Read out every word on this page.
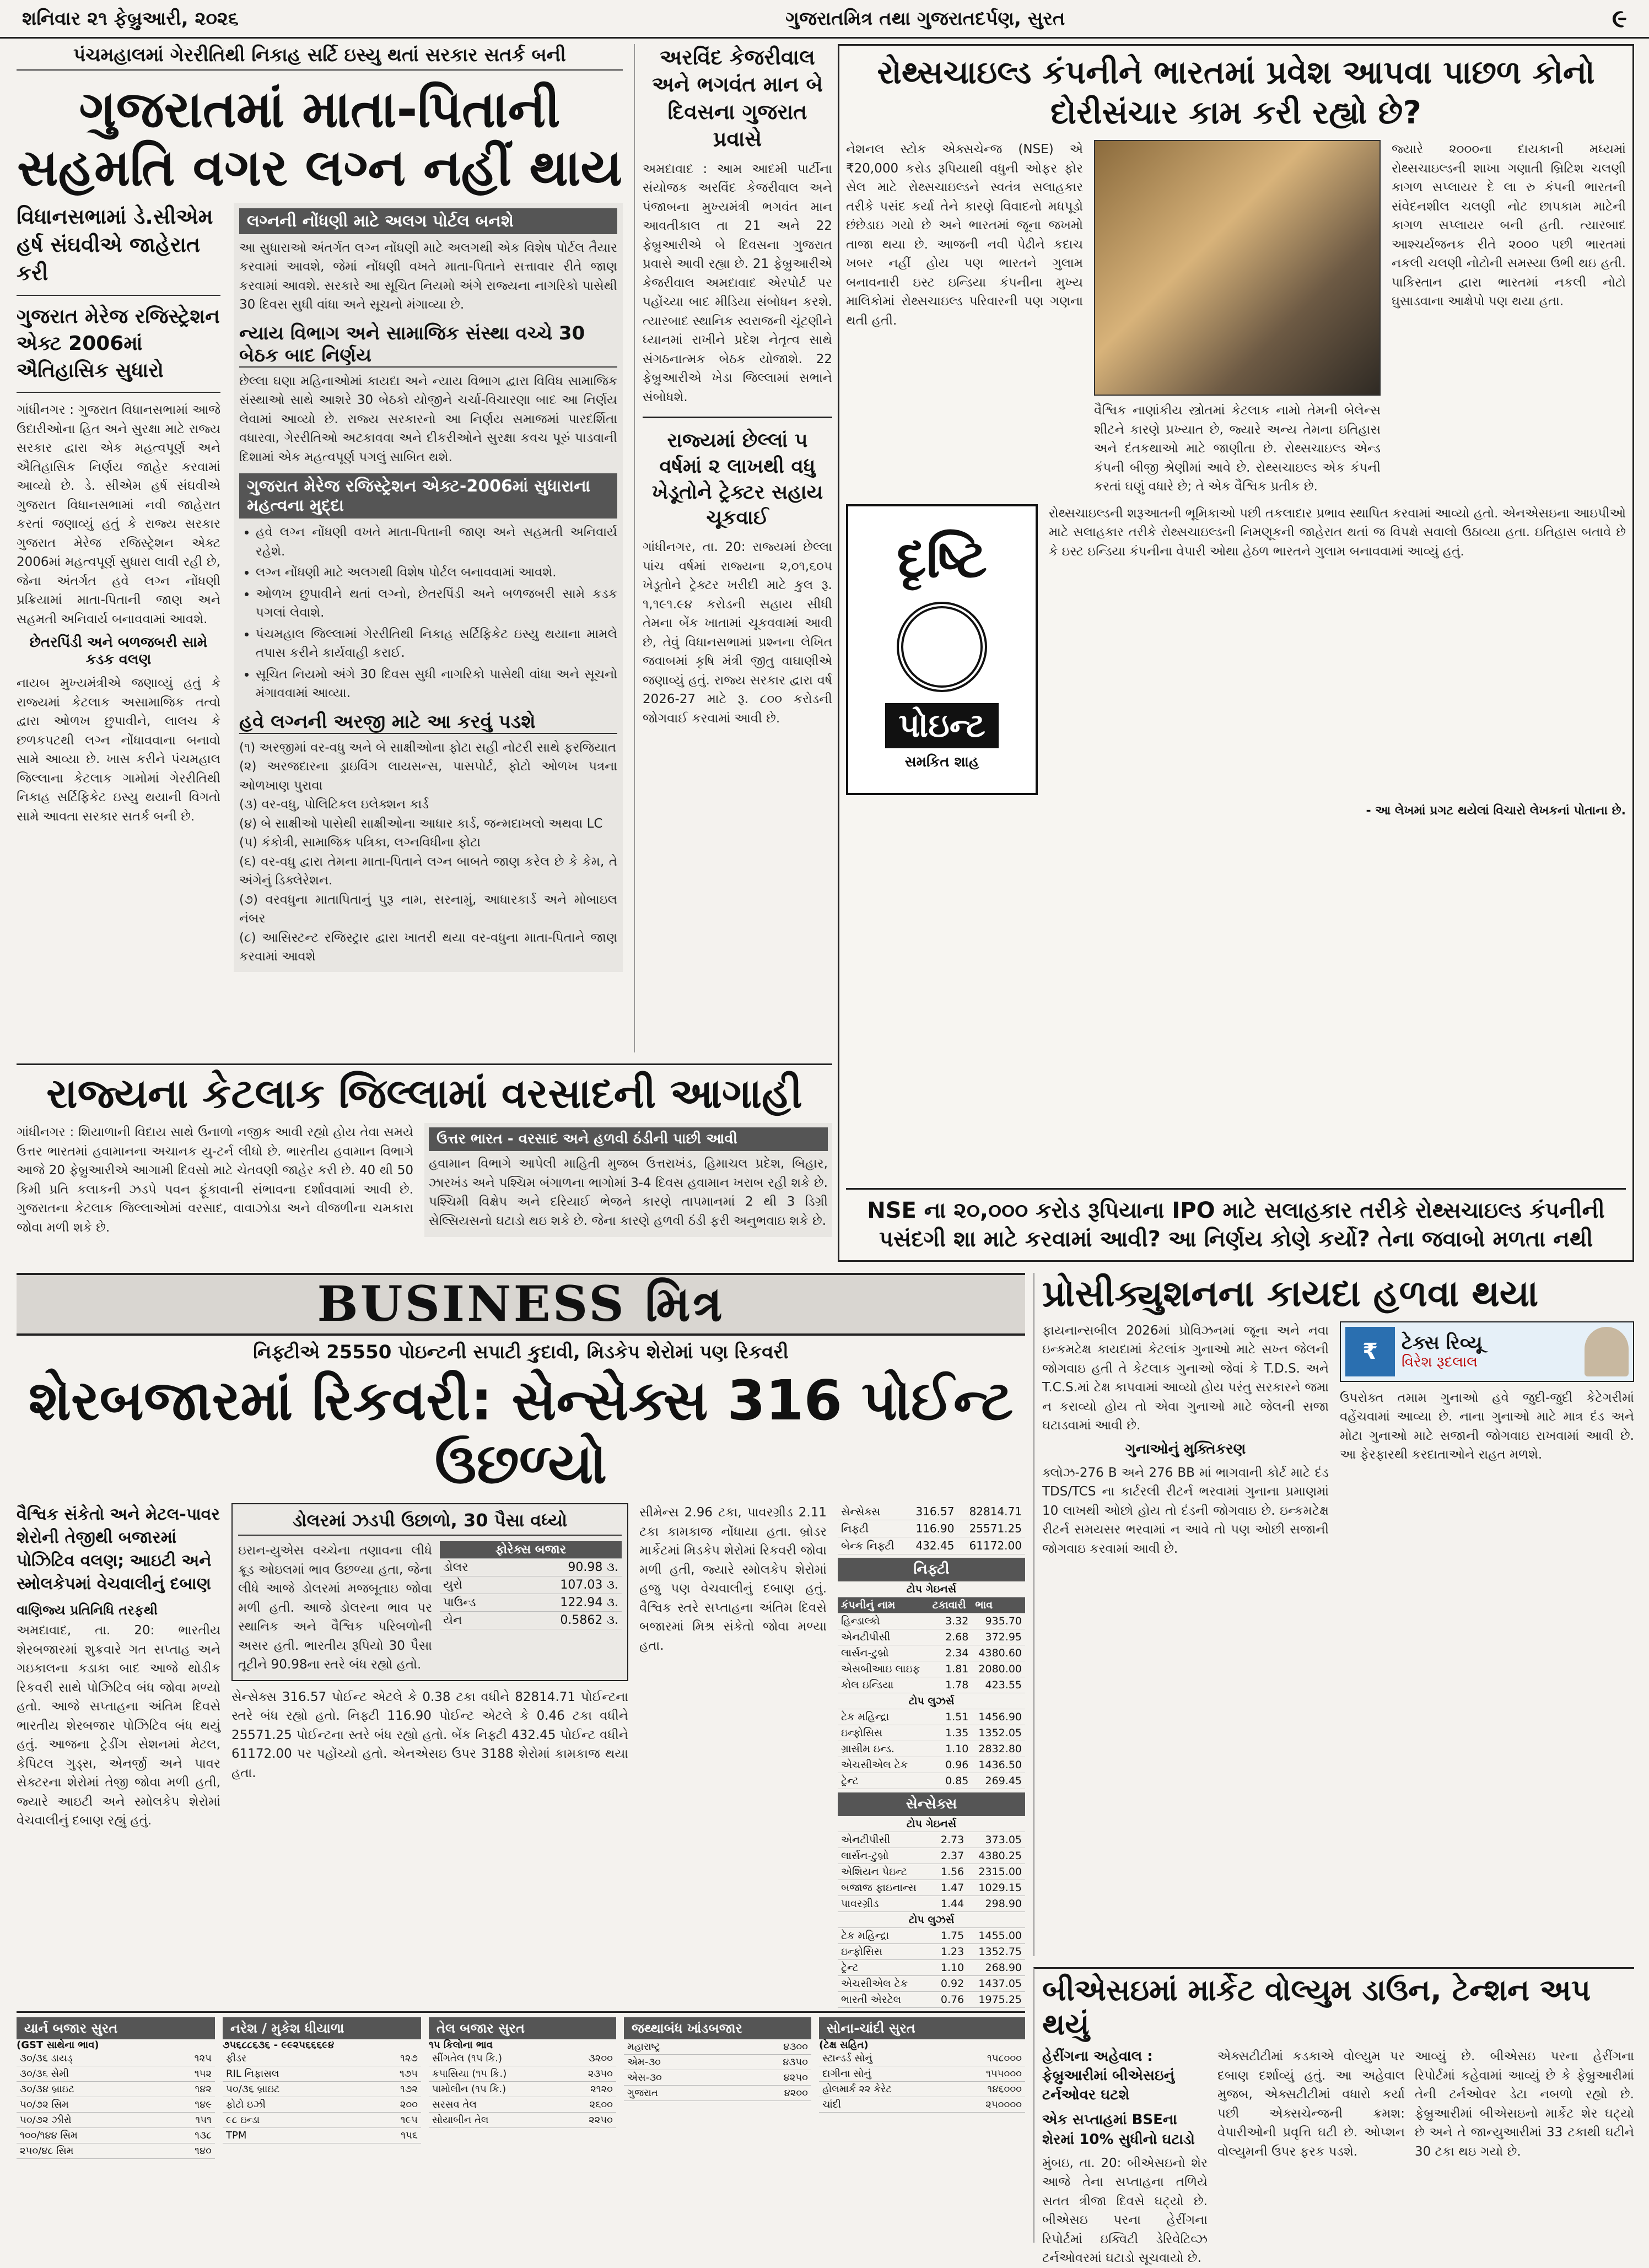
શનિવાર ૨૧ ફેબ્રુઆરી, ૨૦૨૬	ગુજરાતમિત્ર તથા ગુજરાતદર્પણ, સુરત	૯
પંચમહાલમાં ગેરરીતિથી નિકાહ સર્ટિ ઇસ્યુ થતાં સરકાર સતર્ક બની
ગુજરાતમાં માતા-પિતાની સહમતિ વગર લગ્ન નહીં થાય
વિધાનસભામાં ડે.સીએમ હર્ષ સંઘવીએ જાહેરાત કરી
ગુજરાત મેરેજ રજિસ્ટ્રેશન એક્ટ 2006માં ઐતિહાસિક સુધારો
ગાંધીનગર : ગુજરાત વિધાનસભામાં આજે ઉદારીઓના હિત અને સુરક્ષા માટે રાજ્ય સરકાર દ્વારા એક મહત્વપૂર્ણ અને ઐતિહાસિક નિર્ણય જાહેર કરવામાં આવ્યો છે. ડે. સીએમ હર્ષ સંઘવીએ ગુજરાત વિધાનસભામાં નવી જાહેરાત કરતાં જણાવ્યું હતું કે રાજ્ય સરકાર ગુજરાત મેરેજ રજિસ્ટ્રેશન એક્ટ 2006માં મહત્વપૂર્ણ સુધારા લાવી રહી છે, જેના અંતર્ગત હવે લગ્ન નોંધણી પ્રક્રિયામાં માતા-પિતાની જાણ અને સહમતી અનિવાર્ય બનાવવામાં આવશે.
છેતરપિંડી અને બળજબરી સામે કડક વલણ
નાયબ મુખ્યમંત્રીએ જણાવ્યું હતું કે રાજ્યમાં કેટલાક અસામાજિક તત્વો દ્વારા ઓળખ છુપાવીને, લાલચ કે છળકપટથી લગ્ન નોંધાવવાના બનાવો સામે આવ્યા છે. ખાસ કરીને પંચમહાલ જિલ્લાના કેટલાક ગામોમાં ગેરરીતિથી નિકાહ સર્ટિફિકેટ ઇસ્યુ થયાની વિગતો સામે આવતા સરકાર સતર્ક બની છે.
લગ્નની નોંધણી માટે અલગ પોર્ટલ બનશે
આ સુધારાઓ અંતર્ગત લગ્ન નોંધણી માટે અલગથી એક વિશેષ પોર્ટલ તૈયાર કરવામાં આવશે, જેમાં નોંધણી વખતે માતા-પિતાને સત્તાવાર રીતે જાણ કરવામાં આવશે. સરકારે આ સૂચિત નિયમો અંગે રાજ્યના નાગરિકો પાસેથી 30 દિવસ સુધી વાંધા અને સૂચનો મંગાવ્યા છે.
ન્યાય વિભાગ અને સામાજિક સંસ્થા વચ્ચે 30 બેઠક બાદ નિર્ણય
છેલ્લા ઘણા મહિનાઓમાં કાયદા અને ન્યાય વિભાગ દ્વારા વિવિધ સામાજિક સંસ્થાઓ સાથે આશરે 30 બેઠકો યોજીને ચર્ચા-વિચારણા બાદ આ નિર્ણય લેવામાં આવ્યો છે. રાજ્ય સરકારનો આ નિર્ણય સમાજમાં પારદર્શિતા વધારવા, ગેરરીતિઓ અટકાવવા અને દીકરીઓને સુરક્ષા કવચ પૂરું પાડવાની દિશામાં એક મહત્વપૂર્ણ પગલું સાબિત થશે.
ગુજરાત મેરેજ રજિસ્ટ્રેશન એક્ટ-2006માં સુધારાના મહત્વના મુદ્દા
• હવે લગ્ન નોંધણી વખતે માતા-પિતાની જાણ અને સહમતી અનિવાર્ય રહેશે.
• લગ્ન નોંધણી માટે અલગથી વિશેષ પોર્ટલ બનાવવામાં આવશે.
• ઓળખ છુપાવીને થતાં લગ્નો, છેતરપિંડી અને બળજબરી સામે કડક પગલાં લેવાશે.
• પંચમહાલ જિલ્લામાં ગેરરીતિથી નિકાહ સર્ટિફિકેટ ઇસ્યુ થયાના મામલે તપાસ કરીને કાર્યવાહી કરાઈ.
• સૂચિત નિયમો અંગે 30 દિવસ સુધી નાગરિકો પાસેથી વાંધા અને સૂચનો મંગાવવામાં આવ્યા.
હવે લગ્નની અરજી માટે આ કરવું પડશે
(૧) અરજીમાં વર-વધુ અને બે સાક્ષીઓના ફોટા સહી નોટરી સાથે ફરજિયાત
(૨) અરજદારના ડ્રાઇવિંગ લાયસન્સ, પાસપોર્ટ, ફોટો ઓળખ પત્રના ઓળખાણ પુરાવા
(૩) વર-વધુ, પોલિટિકલ ઇલેક્શન કાર્ડ
(૪) બે સાક્ષીઓ પાસેથી સાક્ષીઓના આધાર કાર્ડ, જન્મદાખલો અથવા LC
(૫) કંકોત્રી, સામાજિક પત્રિકા, લગ્નવિધીના ફોટા
(૬) વર-વધુ દ્વારા તેમના માતા-પિતાને લગ્ન બાબતે જાણ કરેલ છે કે કેમ, તે અંગેનું ડિક્લેરેશન.
(૭) વરવધુના માતાપિતાનું પુરૂ નામ, સરનામું, આધારકાર્ડ અને મોબાઇલ નંબર
(૮) આસિસ્ટન્ટ રજિસ્ટ્રાર દ્વારા ખાતરી થયા વર-વધુના માતા-પિતાને જાણ કરવામાં આવશે
અરવિંદ કેજરીવાલ અને ભગવંત માન બે દિવસના ગુજરાત પ્રવાસે
અમદાવાદ : આમ આદમી પાર્ટીના સંયોજક અરવિંદ કેજરીવાલ અને પંજાબના મુખ્યમંત્રી ભગવંત માન આવતીકાલ તા 21 અને 22 ફેબ્રુઆરીએ બે દિવસના ગુજરાત પ્રવાસે આવી રહ્યા છે. 21 ફેબ્રુઆરીએ કેજરીવાલ અમદાવાદ એરપોર્ટ પર પહોંચ્યા બાદ મીડિયા સંબોધન કરશે. ત્યારબાદ સ્થાનિક સ્વરાજની ચૂંટણીને ધ્યાનમાં રાખીને પ્રદેશ નેતૃત્વ સાથે સંગઠનાત્મક બેઠક યોજાશે. 22 ફેબ્રુઆરીએ ખેડા જિલ્લામાં સભાને સંબોધશે.
રાજ્યમાં છેલ્લાં ૫ વર્ષમાં ૨ લાખથી વધુ ખેડૂતોને ટ્રેક્ટર સહાય ચૂકવાઈ
ગાંધીનગર, તા. 20: રાજ્યમાં છેલ્લા પાંચ વર્ષમાં રાજ્યના ૨,૦૧,૬૦૫ ખેડૂતોને ટ્રેક્ટર ખરીદી માટે કુલ રૂ. ૧,૧૯૧.૯૪ કરોડની સહાય સીધી તેમના બેંક ખાતામાં ચૂકવવામાં આવી છે, તેવું વિધાનસભામાં પ્રશ્નના લેખિત જવાબમાં કૃષિ મંત્રી જીતુ વાઘાણીએ જણાવ્યું હતું. રાજ્ય સરકાર દ્વારા વર્ષ 2026-27 માટે રૂ. ૮૦૦ કરોડની જોગવાઈ કરવામાં આવી છે.
રોથ્સચાઇલ્ડ કંપનીને ભારતમાં પ્રવેશ આપવા પાછળ કોનો દોરીસંચાર કામ કરી રહ્યો છે?
નેશનલ સ્ટોક એક્સચેન્જ (NSE) એ ₹20,000 કરોડ રૂપિયાથી વધુની ઓફર ફોર સેલ માટે રોથ્સચાઇલ્ડને સ્વતંત્ર સલાહકાર તરીકે પસંદ કર્યા તેને કારણે વિવાદનો મધપૂડો છંછેડાઇ ગયો છે અને ભારતમાં જૂના જખમો તાજા થયા છે. આજની નવી પેઢીને કદાચ ખબર નહીં હોય પણ ભારતને ગુલામ બનાવનારી ઇસ્ટ ઇન્ડિયા કંપનીના મુખ્ય માલિકોમાં રોથ્સચાઇલ્ડ પરિવારની પણ ગણના થતી હતી.
વૈશ્વિક નાણાંકીય સ્ત્રોતમાં કેટલાક નામો તેમની બેલેન્સ શીટને કારણે પ્રખ્યાત છે, જ્યારે અન્ય તેમના ઇતિહાસ અને દંતકથાઓ માટે જાણીતા છે. રોથ્સચાઇલ્ડ એન્ડ કંપની બીજી શ્રેણીમાં આવે છે. રોથ્સચાઇલ્ડ એક કંપની કરતાં ઘણું વધારે છે; તે એક વૈશ્વિક પ્રતીક છે.
જ્યારે ૨૦૦૦ના દાયકાની મધ્યમાં રોથ્સચાઇલ્ડની શાખા ગણાતી બ્રિટિશ ચલણી કાગળ સપ્લાયર દે લા રુ કંપની ભારતની સંવેદનશીલ ચલણી નોટ છાપકામ માટેની કાગળ સપ્લાયર બની હતી. ત્યારબાદ આશ્ચર્યજનક રીતે ૨૦૦૦ પછી ભારતમાં નકલી ચલણી નોટોની સમસ્યા ઉભી થઇ હતી. પાકિસ્તાન દ્વારા ભારતમાં નકલી નોટો ઘુસાડવાના આક્ષેપો પણ થયા હતા.
દૃષ્ટિ
પોઇન્ટ
સમકિત શાહ
રોથ્સચાઇલ્ડની શરૂઆતની ભૂમિકાઓ પછી તકલાદાર પ્રભાવ સ્થાપિત કરવામાં આવ્યો હતો. એનએસઇના આઇપીઓ માટે સલાહકાર તરીકે રોથ્સચાઇલ્ડની નિમણૂકની જાહેરાત થતાં જ વિપક્ષે સવાલો ઉઠાવ્યા હતા. ઇતિહાસ બતાવે છે કે ઇસ્ટ ઇન્ડિયા કંપનીના વેપારી ઓથા હેઠળ ભારતને ગુલામ બનાવવામાં આવ્યું હતું.
- આ લેખમાં પ્રગટ થયેલાં વિચારો લેખકનાં પોતાના છે.
NSE ના ૨૦,૦૦૦ કરોડ રૂપિયાના IPO માટે સલાહકાર તરીકે રોથ્સચાઇલ્ડ કંપનીની પસંદગી શા માટે કરવામાં આવી? આ નિર્ણય કોણે કર્યો? તેના જવાબો મળતા નથી
રાજ્યના કેટલાક જિલ્લામાં વરસાદની આગાહી
ગાંધીનગર : શિયાળાની વિદાય સાથે ઉનાળો નજીક આવી રહ્યો હોય તેવા સમયે ઉત્તર ભારતમાં હવામાનના અચાનક યુ-ટર્ન લીધો છે. ભારતીય હવામાન વિભાગે આજે 20 ફેબ્રુઆરીએ આગામી દિવસો માટે ચેતવણી જાહેર કરી છે. 40 થી 50 કિમી પ્રતિ કલાકની ઝડપે પવન ફૂંકાવાની સંભાવના દર્શાવવામાં આવી છે. ગુજરાતના કેટલાક જિલ્લાઓમાં વરસાદ, વાવાઝોડા અને વીજળીના ચમકારા જોવા મળી શકે છે.
ઉત્તર ભારત - વરસાદ અને હળવી ઠંડીની પાછી આવી
હવામાન વિભાગે આપેલી માહિતી મુજબ ઉત્તરાખંડ, હિમાચલ પ્રદેશ, બિહાર, ઝારખંડ અને પશ્ચિમ બંગાળના ભાગોમાં 3-4 દિવસ હવામાન ખરાબ રહી શકે છે. પશ્ચિમી વિક્ષેપ અને દરિયાઈ ભેજને કારણે તાપમાનમાં 2 થી 3 ડિગ્રી સેલ્સિયસનો ઘટાડો થઇ શકે છે. જેના કારણે હળવી ઠંડી ફરી અનુભવાઇ શકે છે.
BUSINESS મિત્ર
નિફ્ટીએ 25550 પોઇન્ટની સપાટી કુદાવી, મિડકેપ શેરોમાં પણ રિકવરી
શેરબજારમાં રિકવરી: સેન્સેક્સ 316 પોઈન્ટ ઉછળ્યો
વૈશ્વિક સંકેતો અને મેટલ-પાવર શેરોની તેજીથી બજારમાં પોઝિટિવ વલણ; આઇટી અને સ્મોલકેપમાં વેચવાલીનું દબાણ
વાણિજ્ય પ્રતિનિધિ તરફથી
અમદાવાદ, તા. 20: ભારતીય શેરબજારમાં શુક્રવારે ગત સપ્તાહ અને ગઇકાલના કડાકા બાદ આજે થોડીક રિકવરી સાથે પોઝિટિવ બંધ જોવા મળ્યો હતો. આજે સપ્તાહના અંતિમ દિવસે ભારતીય શેરબજાર પોઝિટિવ બંધ થયું હતું. આજના ટ્રેડીંગ સેશનમાં મેટલ, કેપિટલ ગુડ્સ, એનર્જી અને પાવર સેક્ટરના શેરોમાં તેજી જોવા મળી હતી, જ્યારે આઇટી અને સ્મોલકેપ શેરોમાં વેચવાલીનું દબાણ રહ્યું હતું.
ડોલરમાં ઝડપી ઉછાળો, 30 પૈસા વધ્યો
ઇરાન-યુએસ વચ્ચેના તણાવના લીધે ક્રૂડ ઓઇલમાં ભાવ ઉછળ્યા હતા, જેના લીધે આજે ડોલરમાં મજબૂતાઇ જોવા મળી હતી. આજે ડોલરના ભાવ પર સ્થાનિક અને વૈશ્વિક પરિબળોની અસર હતી. ભારતીય રૂપિયો 30 પૈસા તૂટીને 90.98ના સ્તરે બંધ રહ્યો હતો.
ફોરેક્સ બજાર	
ડોલર	90.98 ૩.
યુરો	107.03 ૩.
પાઉન્ડ	122.94 ૩.
યેન	0.5862 ૩.
સેન્સેક્સ 316.57 પોઈન્ટ એટલે કે 0.38 ટકા વધીને 82814.71 પોઈન્ટના સ્તરે બંધ રહ્યો હતો. નિફ્ટી 116.90 પોઈન્ટ એટલે કે 0.46 ટકા વધીને 25571.25 પોઈન્ટના સ્તરે બંધ રહ્યો હતો. બેંક નિફ્ટી 432.45 પોઈન્ટ વધીને 61172.00 પર પહોંચ્યો હતો. એનએસઇ ઉપર 3188 શેરોમાં કામકાજ થયા હતા.
સીમેન્સ 2.96 ટકા, પાવરગ્રીડ 2.11 ટકા કામકાજ નોંધાયા હતા. બ્રોડર માર્કેટમાં મિડકેપ શેરોમાં રિકવરી જોવા મળી હતી, જ્યારે સ્મોલકેપ શેરોમાં હજુ પણ વેચવાલીનું દબાણ હતું. વૈશ્વિક સ્તરે સપ્તાહના અંતિમ દિવસે બજારમાં મિશ્ર સંકેતો જોવા મળ્યા હતા.
સેન્સેક્સ	316.57	82814.71
નિફ્ટી	116.90	25571.25
બેન્ક નિફ્ટી	432.45	61172.00
નિફ્ટી
ટોપ ગેઇનર્સ		
કંપનીનું નામ	ટકાવારી	ભાવ
હિન્ડાલ્કો	3.32	935.70
એનટીપીસી	2.68	372.95
લાર્સન-ટુબ્રો	2.34	4380.60
એસબીઆઇ લાઇફ	1.81	2080.00
કોલ ઇન્ડિયા	1.78	423.55
ટોપ લુઝર્સ		
ટેક મહિન્દ્રા	1.51	1456.90
ઇન્ફોસિસ	1.35	1352.05
ગ્રાસીમ ઇન્ડ.	1.10	2832.80
એચસીએલ ટેક	0.96	1436.50
ટ્રેન્ટ	0.85	269.45
સેન્સેક્સ
ટોપ ગેઇનર્સ		
એનટીપીસી	2.73	373.05
લાર્સન-ટુબ્રો	2.37	4380.25
એશિયન પેઇન્ટ	1.56	2315.00
બજાજ ફાઇનાન્સ	1.47	1029.15
પાવરગ્રીડ	1.44	298.90
ટોપ લુઝર્સ		
ટેક મહિન્દ્રા	1.75	1455.00
ઇન્ફોસિસ	1.23	1352.75
ટ્રેન્ટ	1.10	268.90
એચસીએલ ટેક	0.92	1437.05
ભારતી એરટેલ	0.76	1975.25
યાર્ન બજાર સુરત
(GST સાથેના ભાવ)
૩૦/૩૬ ડાયડ્	૧૨૫
૩૦/૩૬ સેમી	૧૫૨
૩૦/૩૪ બ્રાઇટ	૧૪૨
૫૦/૭૨ સિમ	૧૪૯
૫૦/૭૨ ઝીરો	૧૫૧
૧૦૦/૧૪૪ સિમ	૧૩૮
૨૫૦/૪૮ સિમ	૧૪૦
નરેશ / મુકેશ ધીયાળા
૭૫૬૮૮૬૩૬ - ૯૯૨૫૬૬૬૯૪
ફીડર	૧૨૭
RIL નિફાસલ	૧૭૫
૫૦/૩૬ બ્રાઇટ	૧૭૨
ફોટો ઇઝી	૨૦૦
૯૮ ઇન્ડા	૧૯૫
TPM	૧૫૬
તેલ બજાર સુરત
૧૫ કિલોના ભાવ
સીંગતેલ (૧૫ કિ.)	૩૨૦૦
કપાસિયા (૧૫ કિ.)	૨૩૫૦
પામોલીન (૧૫ કિ.)	૨૧૨૦
સરસવ તેલ	૨૬૦૦
સોયાબીન તેલ	૨૨૫૦
જથ્થાબંધ ખાંડબજાર
મહારાષ્ટ્ર	૪૩૦૦
એમ-૩૦	૪૩૫૦
એસ-૩૦	૪૨૫૦
ગુજરાત	૪૨૦૦
સોના-ચાંદી સુરત
(ટેક્ષ સહિત)
સ્ટાન્ડર્ડ સોનું	૧૫૮૦૦૦
દાગીના સોનું	૧૫૫૦૦૦
હોલમાર્ક ૨૨ કેરેટ	૧૪૬૦૦૦
ચાંદી	૨૫૦૦૦૦
પ્રોસીક્યુશનના કાયદા હળવા થયા
ફાયનાન્સબીલ 2026માં પ્રોવિઝનમાં જૂના અને નવા ઇન્કમટેક્ષ કાયદામાં કેટલાંક ગુનાઓ માટે સખ્ત જેલની જોગવાઇ હતી તે કેટલાક ગુનાઓ જેવાં કે T.D.S. અને T.C.S.માં ટેક્ષ કાપવામાં આવ્યો હોય પરંતુ સરકારને જમા ન કરાવ્યો હોય તો એવા ગુનાઓ માટે જેલની સજા ઘટાડવામાં આવી છે.
ગુનાઓનું મુક્તિકરણ
ક્લોઝ-276 B અને 276 BB માં ભાગવાની કોર્ટ માટે દંડ TDS/TCS ના કાર્ટરલી રીટર્ન ભરવામાં ગુનાના પ્રમાણમાં 10 લાખથી ઓછો હોય તો દંડની જોગવાઇ છે. ઇન્કમટેક્ષ રીટર્ન સમયસર ભરવામાં ન આવે તો પણ ઓછી સજાની જોગવાઇ કરવામાં આવી છે.
₹	ટેક્સ રિવ્યૂ
વિરેશ રૂદલાલ
ઉપરોક્ત તમામ ગુનાઓ હવે જુદી-જુદી કેટેગરીમાં વહેંચવામાં આવ્યા છે. નાના ગુનાઓ માટે માત્ર દંડ અને મોટા ગુનાઓ માટે સજાની જોગવાઇ રાખવામાં આવી છે. આ ફેરફારથી કરદાતાઓને રાહત મળશે.
બીએસઇમાં માર્કેટ વોલ્યુમ ડાઉન, ટેન્શન અપ થયું
હેરીંગના અહેવાલ : ફેબ્રુઆરીમાં બીએસઇનું ટર્નઓવર ઘટશે
એક સપ્તાહમાં BSEના શેરમાં 10% સુધીનો ઘટાડો
મુંબઇ, તા. 20: બીએસઇનો શેર આજે તેના સપ્તાહના તળિયે સતત ત્રીજા દિવસે ઘટ્યો છે. બીએસઇ પરના હેરીંગના રિપોર્ટમાં ઇક્વિટી ડેરિવેટિવ્ઝ ટર્નઓવરમાં ઘટાડો સૂચવાયો છે.
એક્સટીટીમાં કડકાએ વોલ્યુમ પર દબાણ દર્શાવ્યું હતું. આ અહેવાલ મુજબ, એક્સટીટીમાં વધારો કર્યા પછી એક્સચેન્જની ક્રમશ: વેપારીઓની પ્રવૃત્તિ ઘટી છે. ઓપ્શન વોલ્યુમની ઉપર ફરક પડશે.
આવ્યું છે. બીએસઇ પરના હેરીંગના રિપોર્ટમાં કહેવામાં આવ્યું છે કે ફેબ્રુઆરીમાં તેની ટર્નઓવર ડેટા નબળો રહ્યો છે. ફેબ્રુઆરીમાં બીએસઇનો માર્કેટ શેર ઘટ્યો છે અને તે જાન્યુઆરીમાં 33 ટકાથી ઘટીને 30 ટકા થઇ ગયો છે.
